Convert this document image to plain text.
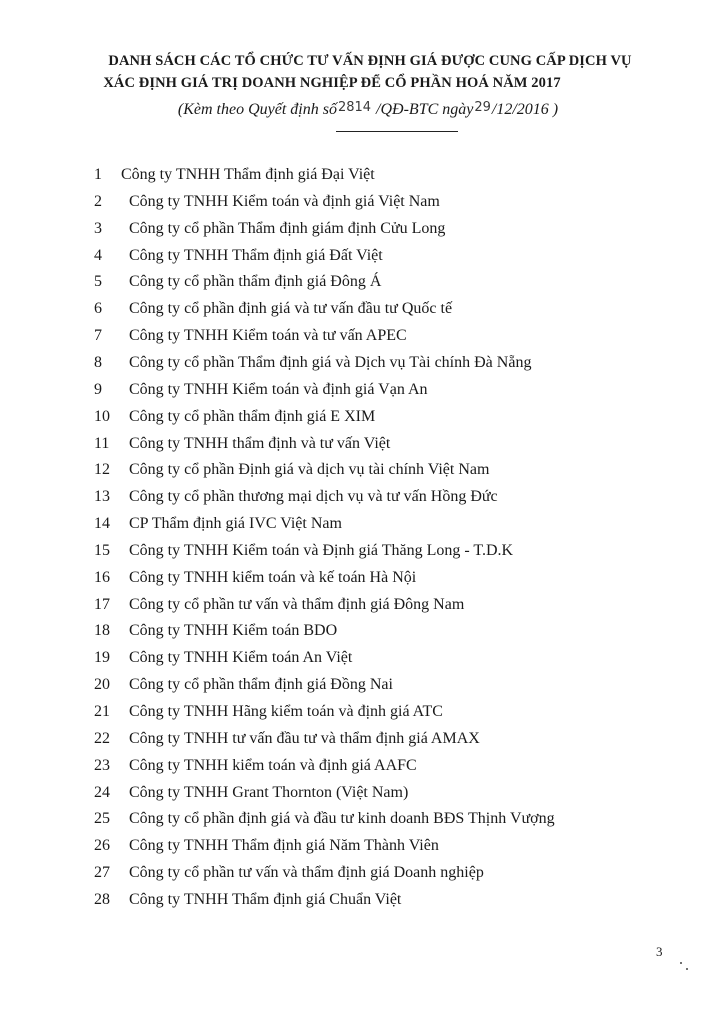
DANH SÁCH CÁC TỔ CHỨC TƯ VẤN ĐỊNH GIÁ ĐƯỢC CUNG CẤP DỊCH VỤ
XÁC ĐỊNH GIÁ TRỊ DOANH NGHIỆP ĐỂ CỔ PHẦN HOÁ NĂM 2017
(Kèm theo Quyết định số2814 /QĐ-BTC ngày29/12/2016 )
1 Công ty TNHH Thẩm định giá Đại Việt
2 Công ty TNHH Kiểm toán và định giá Việt Nam
3 Công ty cổ phần Thẩm định giám định Cửu Long
4 Công ty TNHH Thẩm định giá Đất Việt
5 Công ty cổ phần thẩm định giá Đông Á
6 Công ty cổ phần định giá và tư vấn đầu tư Quốc tế
7 Công ty TNHH Kiểm toán và tư vấn APEC
8 Công ty cổ phần Thẩm định giá và Dịch vụ Tài chính Đà Nẵng
9 Công ty TNHH Kiểm toán và định giá Vạn An
10 Công ty cổ phần thẩm định giá E XIM
11 Công ty TNHH thẩm định và tư vấn Việt
12 Công ty cổ phần Định giá và dịch vụ tài chính Việt Nam
13 Công ty cổ phần thương mại dịch vụ và tư vấn Hồng Đức
14 CP Thẩm định giá IVC Việt Nam
15 Công ty TNHH Kiểm toán và Định giá Thăng Long - T.D.K
16 Công ty TNHH kiểm toán và kế toán Hà Nội
17 Công ty cổ phần tư vấn và thẩm định giá Đông Nam
18 Công ty TNHH Kiểm toán BDO
19 Công ty TNHH Kiểm toán An Việt
20 Công ty cổ phần thẩm định giá Đồng Nai
21 Công ty TNHH Hãng kiểm toán và định giá ATC
22 Công ty TNHH tư vấn đầu tư và thẩm định giá AMAX
23 Công ty TNHH kiểm toán và định giá AAFC
24 Công ty TNHH Grant Thornton (Việt Nam)
25 Công ty cổ phần định giá và đầu tư kinh doanh BĐS Thịnh Vượng
26 Công ty TNHH Thẩm định giá Năm Thành Viên
27 Công ty cổ phần tư vấn và thẩm định giá Doanh nghiệp
28 Công ty TNHH Thẩm định giá Chuẩn Việt
3
